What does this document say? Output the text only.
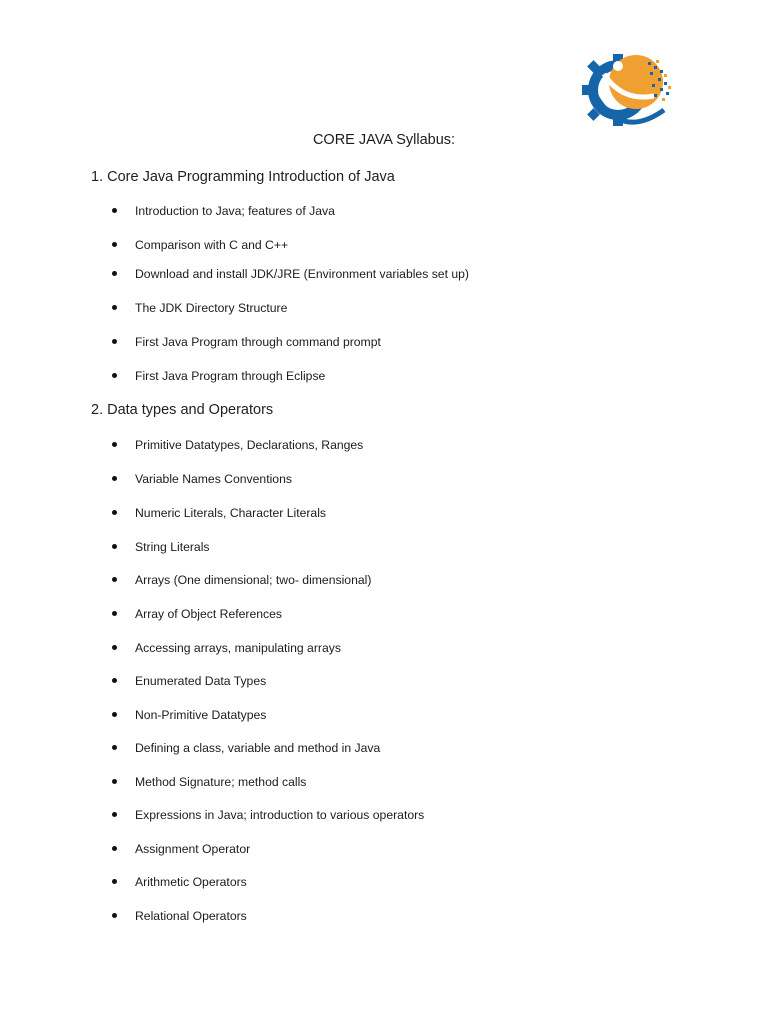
CORE JAVA Syllabus:
1. Core Java Programming Introduction of Java
Introduction to Java; features of Java
Comparison with C and C++
Download and install JDK/JRE (Environment variables set up)
The JDK Directory Structure
First Java Program through command prompt
First Java Program through Eclipse
2. Data types and Operators
Primitive Datatypes, Declarations, Ranges
Variable Names Conventions
Numeric Literals, Character Literals
String Literals
Arrays (One dimensional; two- dimensional)
Array of Object References
Accessing arrays, manipulating arrays
Enumerated Data Types
Non-Primitive Datatypes
Defining a class, variable and method in Java
Method Signature; method calls
Expressions in Java; introduction to various operators
Assignment Operator
Arithmetic Operators
Relational Operators
